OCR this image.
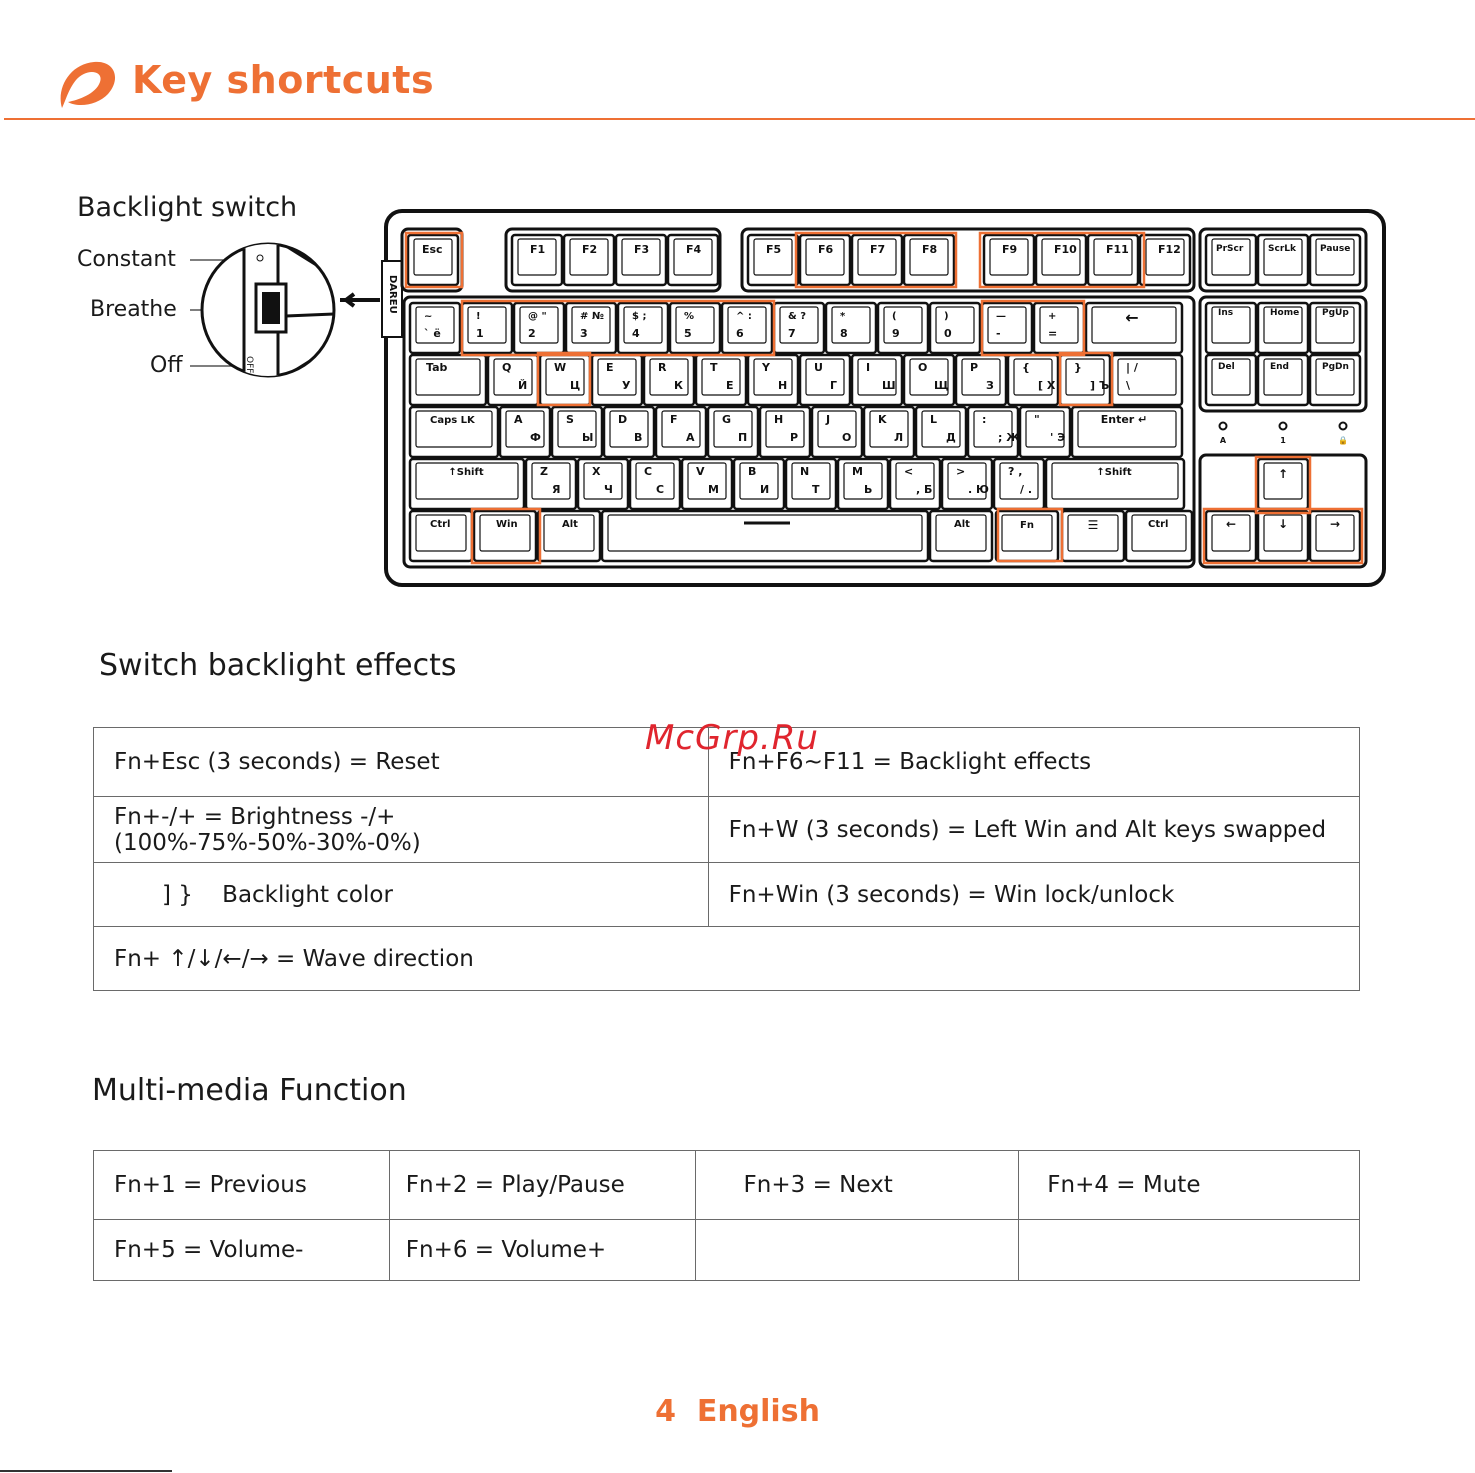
Key shortcuts
Backlight switch
Constant
Breathe
Off	OFF
DAREU
Esc	F1	F2	F3	F4	F5	F6	F7	F8	F9	F10	F11	F12	PrScr	ScrLk	Pause
Ins	Home	PgUp
Del	End	PgDn
A	1	🔒
↑
←	↓	→
~
` ё
!
1
@ "
2
# №
3
$ ;
4
%
5
^ :
6
& ?
7
*
8
(
9
)
0
—
-
+
=
←
Tab	Q
Й
W
Ц
E
У
R
К
T
Е
Y
Н
U
Г
I
Ш
O
Щ
P
З
{
[ Х
}
] Ъ
| /
\
Caps LK	A
Ф
S
Ы
D
В
F
А
G
П
H
Р
J
О
K
Л
L
Д
:
; Ж
"
' Э
Enter ↵
↑Shift	Z
Я
X
Ч
C
С
V
М
B
И
N
Т
M
Ь
<
, Б
>
. Ю
? ,
/ .
↑Shift
Ctrl	Win	Alt	Alt	Fn	☰	Ctrl
Switch backlight effects
Fn+Esc (3 seconds) = Reset	Fn+F6~F11 = Backlight effects
Fn+-/+ = Brightness -/+ (100%-75%-50%-30%-0%)	Fn+W (3 seconds) = Left Win and Alt keys swapped
] }    Backlight color	Fn+Win (3 seconds) = Win lock/unlock
Fn+ ↑/↓/←/→ = Wave direction	
Multi-media Function
Fn+1 = Previous	Fn+2 = Play/Pause	Fn+3 = Next	Fn+4 = Mute
Fn+5 = Volume-	Fn+6 = Volume+		
McGrp.Ru
4 English
